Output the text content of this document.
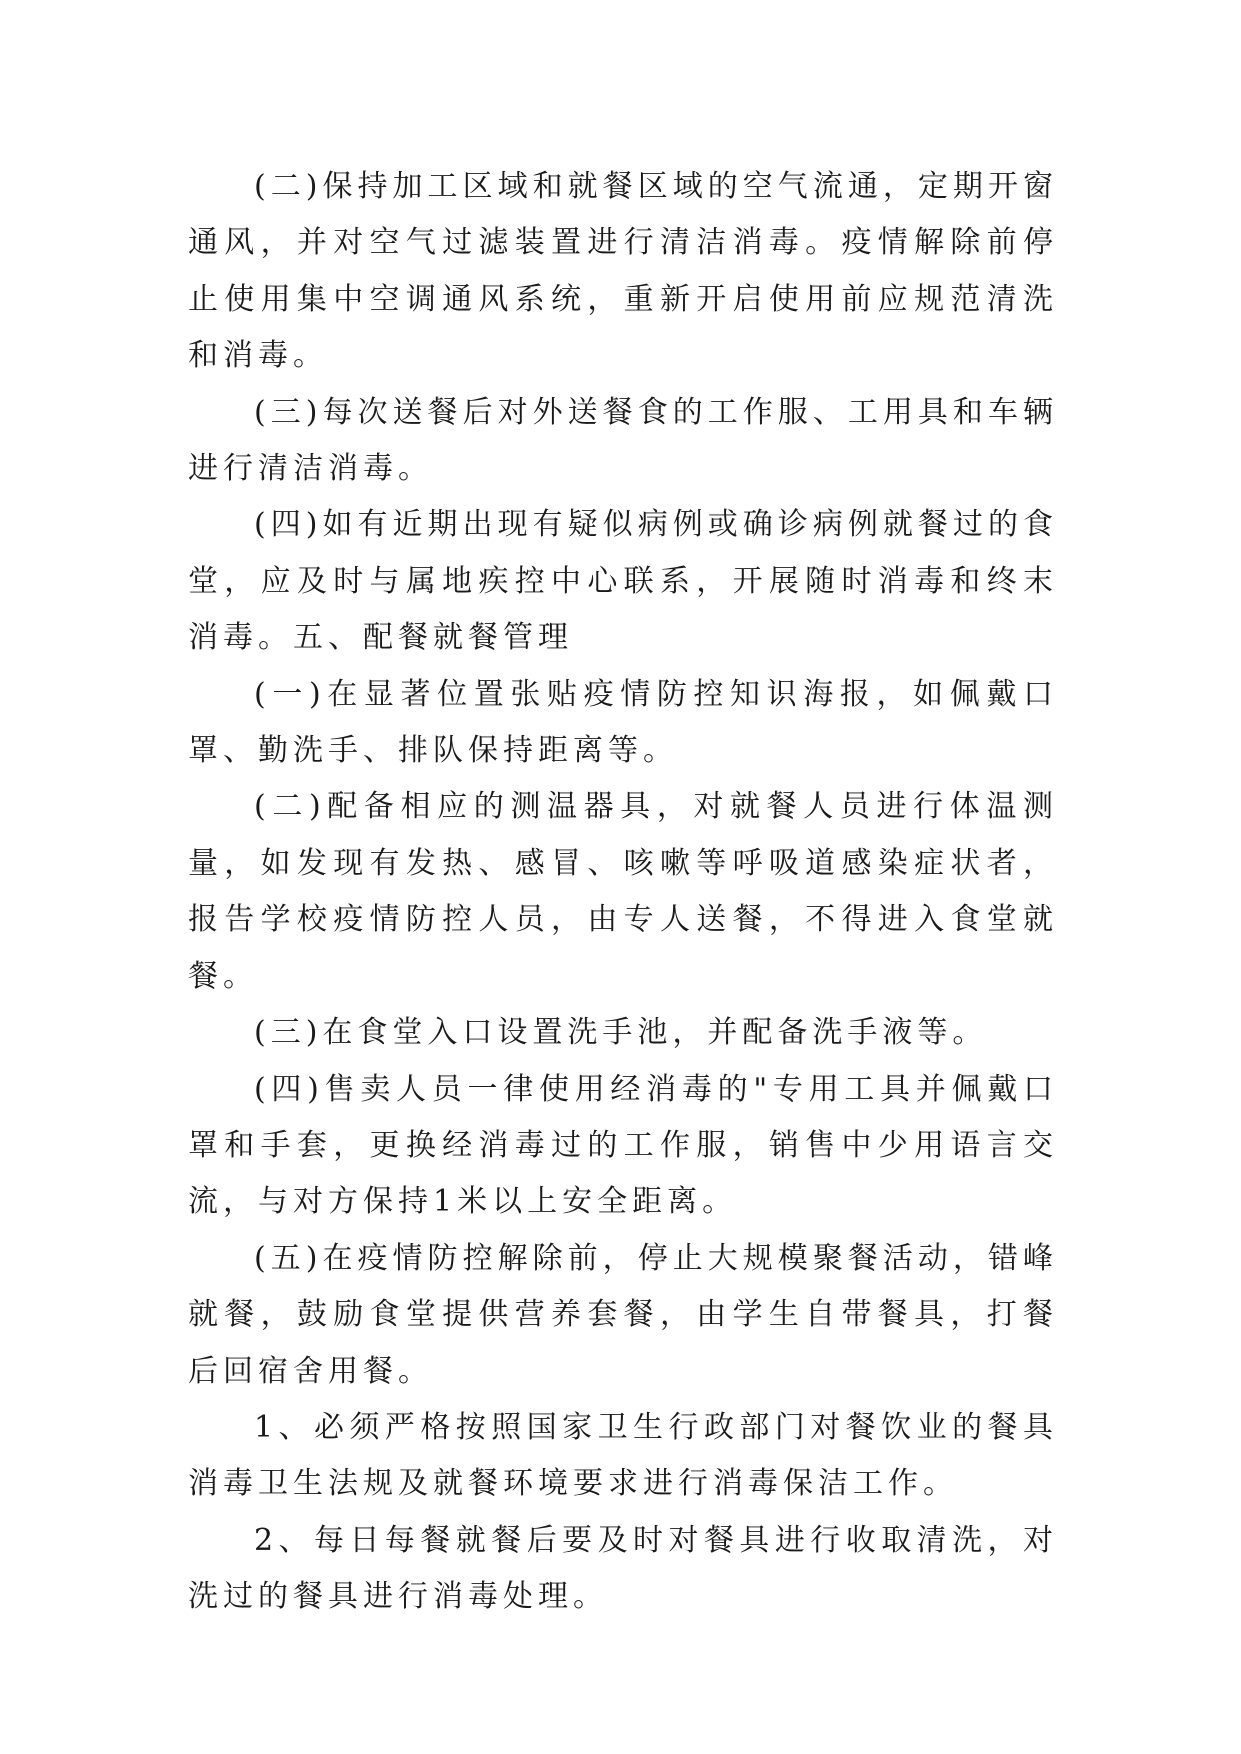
(二)保持加工区域和就餐区域的空气流通，定期开窗通风，并对空气过滤装置进行清洁消毒。疫情解除前停止使用集中空调通风系统，重新开启使用前应规范清洗和消毒。

(三)每次送餐后对外送餐食的工作服、工用具和车辆进行清洁消毒。

(四)如有近期出现有疑似病例或确诊病例就餐过的食堂，应及时与属地疾控中心联系，开展随时消毒和终末消毒。五、配餐就餐管理

(一)在显著位置张贴疫情防控知识海报，如佩戴口罩、勤洗手、排队保持距离等。

(二)配备相应的测温器具，对就餐人员进行体温测量，如发现有发热、感冒、咳嗽等呼吸道感染症状者，报告学校疫情防控人员，由专人送餐，不得进入食堂就餐。

(三)在食堂入口设置洗手池，并配备洗手液等。

(四)售卖人员一律使用经消毒的"专用工具并佩戴口罩和手套，更换经消毒过的工作服，销售中少用语言交流，与对方保持1米以上安全距离。

(五)在疫情防控解除前，停止大规模聚餐活动，错峰就餐，鼓励食堂提供营养套餐，由学生自带餐具，打餐后回宿舍用餐。

1、必须严格按照国家卫生行政部门对餐饮业的餐具消毒卫生法规及就餐环境要求进行消毒保洁工作。

2、每日每餐就餐后要及时对餐具进行收取清洗，对洗过的餐具进行消毒处理。
